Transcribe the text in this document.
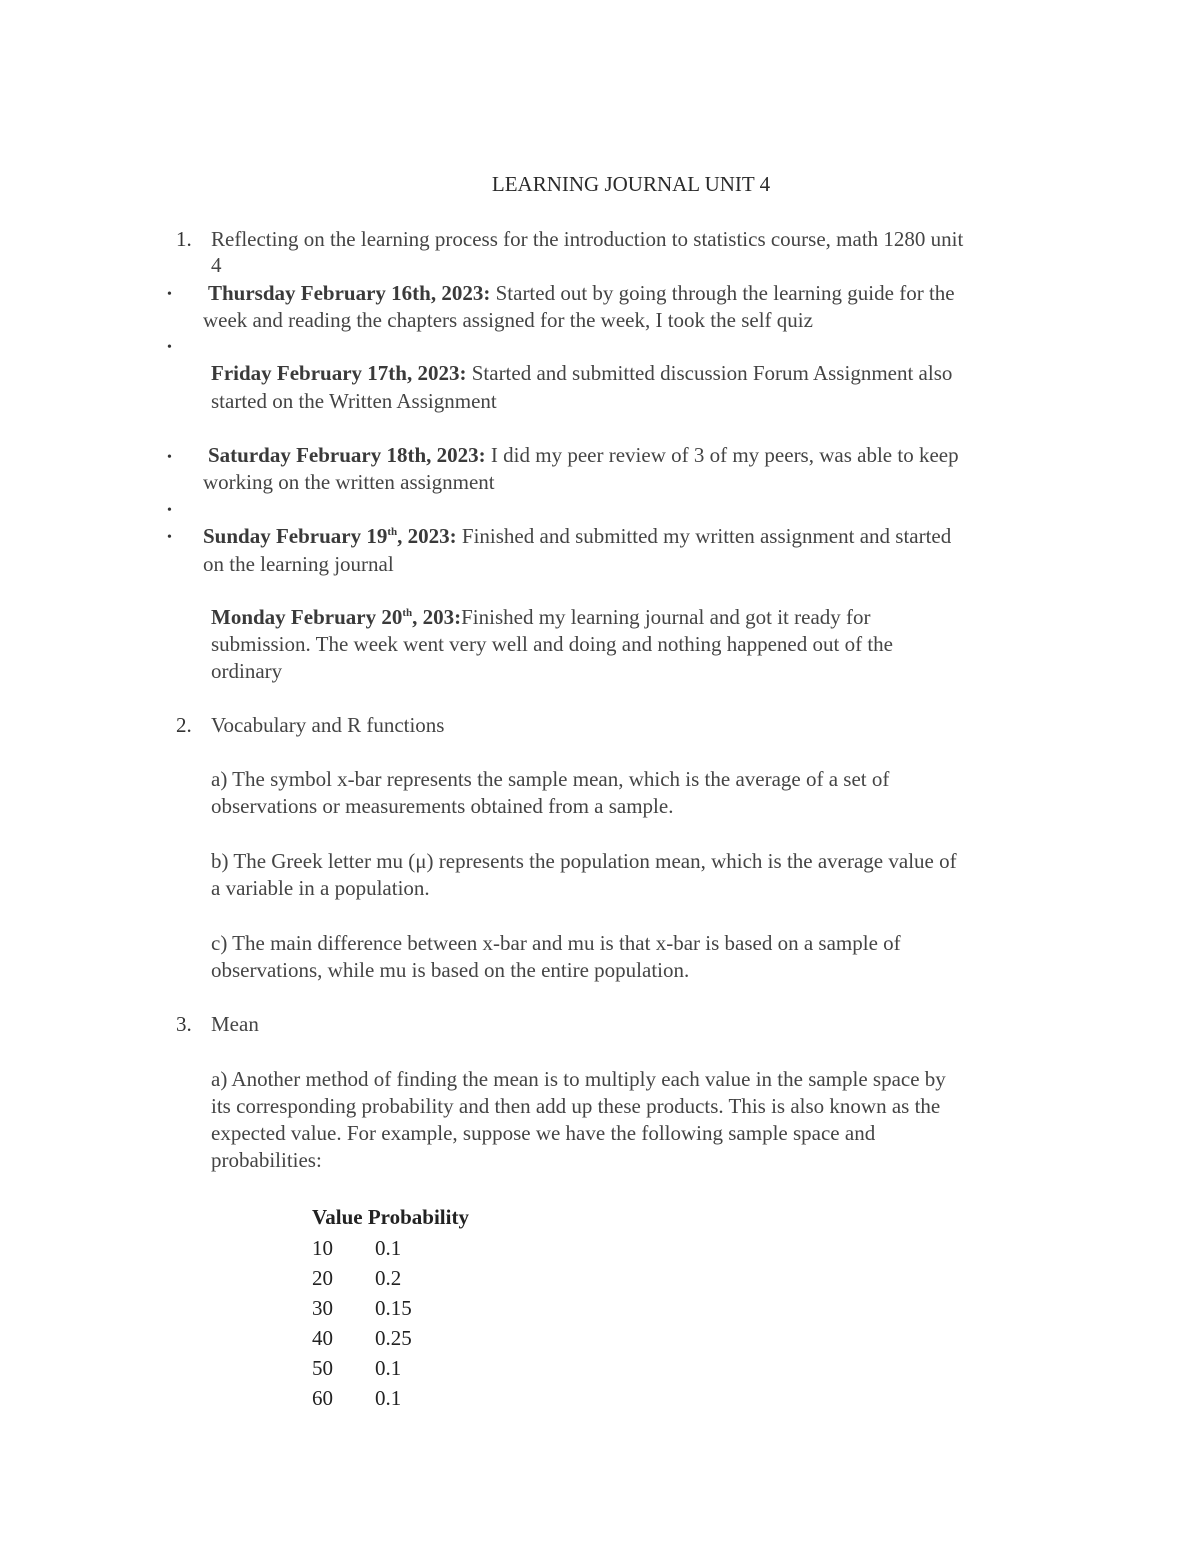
LEARNING JOURNAL UNIT 4
1. Reflecting on the learning process for the introduction to statistics course, math 1280 unit
4
• Thursday February 16th, 2023: Started out by going through the learning guide for the
week and reading the chapters assigned for the week, I took the self quiz
•
Friday February 17th, 2023: Started and submitted discussion Forum Assignment also
started on the Written Assignment
• Saturday February 18th, 2023: I did my peer review of 3 of my peers, was able to keep
working on the written assignment
•
• Sunday February 19th, 2023: Finished and submitted my written assignment and started
on the learning journal
Monday February 20th, 203:Finished my learning journal and got it ready for
submission. The week went very well and doing and nothing happened out of the
ordinary
2. Vocabulary and R functions
a) The symbol x-bar represents the sample mean, which is the average of a set of
observations or measurements obtained from a sample.
b) The Greek letter mu (μ) represents the population mean, which is the average value of
a variable in a population.
c) The main difference between x-bar and mu is that x-bar is based on a sample of
observations, while mu is based on the entire population.
3. Mean
a) Another method of finding the mean is to multiply each value in the sample space by
its corresponding probability and then add up these products. This is also known as the
expected value. For example, suppose we have the following sample space and
probabilities:
Value Probability
10 0.1
20 0.2
30 0.15
40 0.25
50 0.1
60 0.1
